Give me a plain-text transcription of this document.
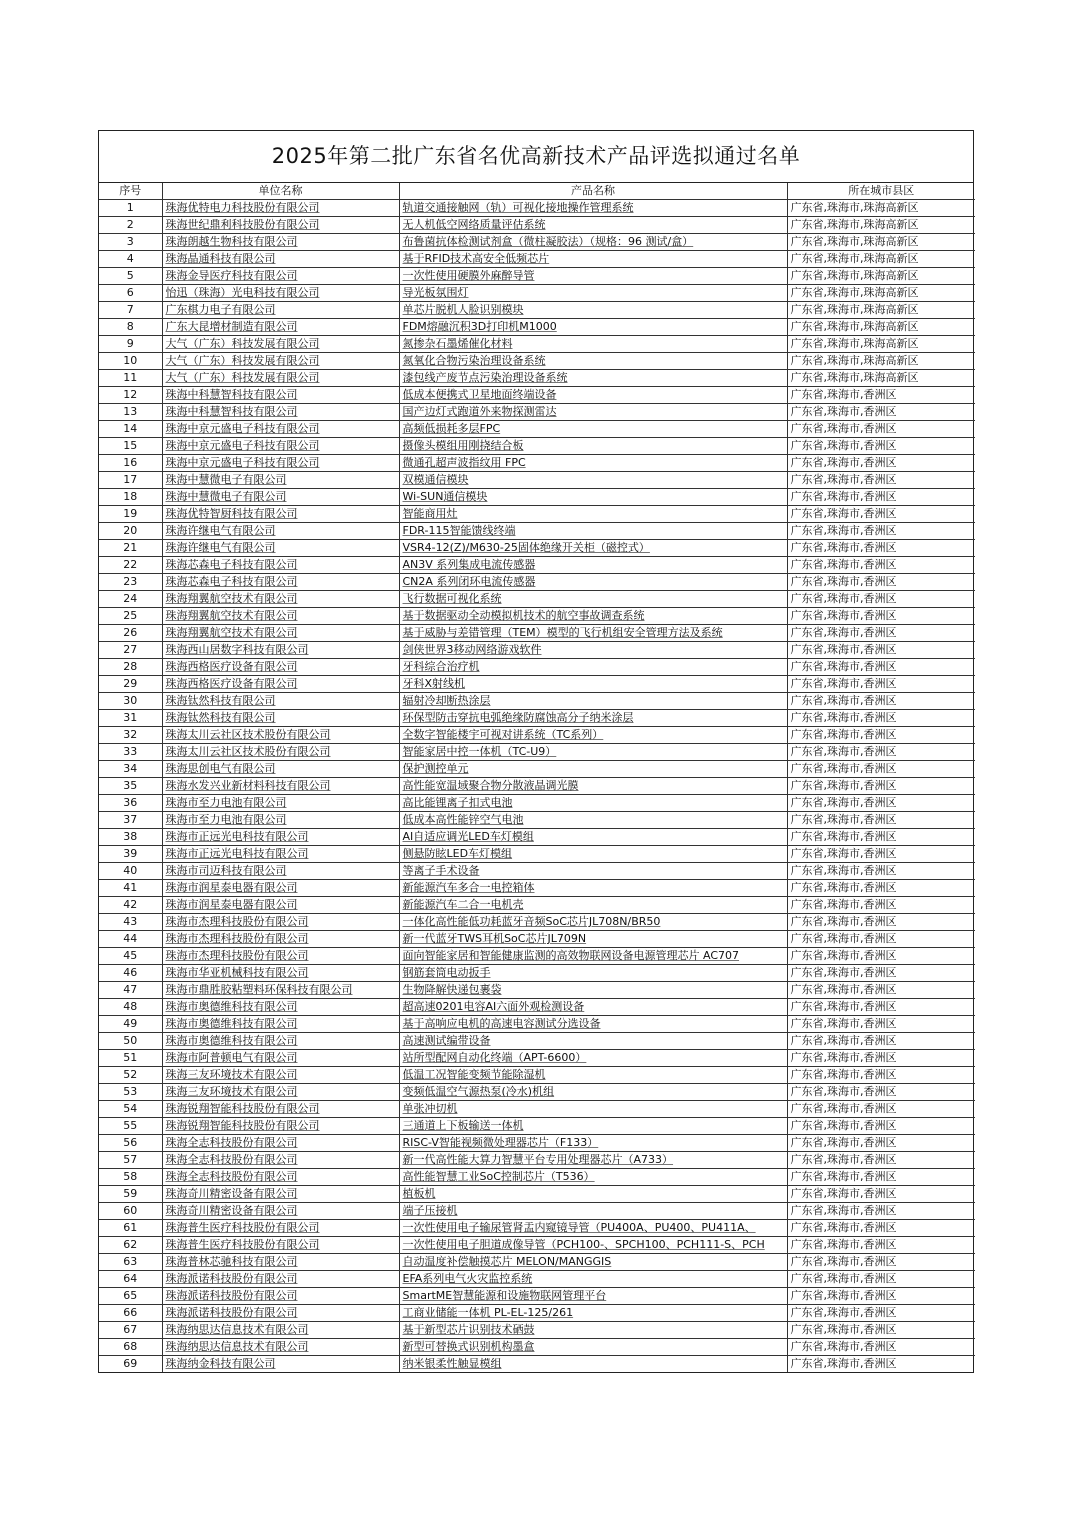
2025年第二批广东省名优高新技术产品评选拟通过名单
序号	单位名称	产品名称	所在城市县区
1	珠海优特电力科技股份有限公司	轨道交通接触网（轨）可视化接地操作管理系统	广东省,珠海市,珠海高新区
2	珠海世纪鼎利科技股份有限公司	无人机低空网络质量评估系统	广东省,珠海市,珠海高新区
3	珠海朗越生物科技有限公司	布鲁菌抗体检测试剂盒（微柱凝胶法）（规格：96 测试/盒）	广东省,珠海市,珠海高新区
4	珠海晶通科技有限公司	基于RFID技术高安全低频芯片	广东省,珠海市,珠海高新区
5	珠海金导医疗科技有限公司	一次性使用硬膜外麻醉导管	广东省,珠海市,珠海高新区
6	怡迅（珠海）光电科技有限公司	导光板氛围灯	广东省,珠海市,珠海高新区
7	广东棋力电子有限公司	单芯片脱机人脸识别模块	广东省,珠海市,珠海高新区
8	广东大昆增材制造有限公司	FDM熔融沉积3D打印机M1000	广东省,珠海市,珠海高新区
9	大气（广东）科技发展有限公司	氮掺杂石墨烯催化材料	广东省,珠海市,珠海高新区
10	大气（广东）科技发展有限公司	氮氧化合物污染治理设备系统	广东省,珠海市,珠海高新区
11	大气（广东）科技发展有限公司	漆包线产废节点污染治理设备系统	广东省,珠海市,珠海高新区
12	珠海中科慧智科技有限公司	低成本便携式卫星地面终端设备	广东省,珠海市,香洲区
13	珠海中科慧智科技有限公司	国产边灯式跑道外来物探测雷达	广东省,珠海市,香洲区
14	珠海中京元盛电子科技有限公司	高频低损耗多层FPC	广东省,珠海市,香洲区
15	珠海中京元盛电子科技有限公司	摄像头模组用刚挠结合板	广东省,珠海市,香洲区
16	珠海中京元盛电子科技有限公司	微通孔超声波指纹用 FPC	广东省,珠海市,香洲区
17	珠海中慧微电子有限公司	双模通信模块	广东省,珠海市,香洲区
18	珠海中慧微电子有限公司	Wi-SUN通信模块	广东省,珠海市,香洲区
19	珠海优特智厨科技有限公司	智能商用灶	广东省,珠海市,香洲区
20	珠海许继电气有限公司	FDR-115智能馈线终端	广东省,珠海市,香洲区
21	珠海许继电气有限公司	VSR4-12(Z)/M630-25固体绝缘开关柜（磁控式）	广东省,珠海市,香洲区
22	珠海芯森电子科技有限公司	AN3V 系列集成电流传感器	广东省,珠海市,香洲区
23	珠海芯森电子科技有限公司	CN2A 系列闭环电流传感器	广东省,珠海市,香洲区
24	珠海翔翼航空技术有限公司	飞行数据可视化系统	广东省,珠海市,香洲区
25	珠海翔翼航空技术有限公司	基于数据驱动全动模拟机技术的航空事故调查系统	广东省,珠海市,香洲区
26	珠海翔翼航空技术有限公司	基于威胁与差错管理（TEM）模型的飞行机组安全管理方法及系统	广东省,珠海市,香洲区
27	珠海西山居数字科技有限公司	剑侠世界3移动网络游戏软件	广东省,珠海市,香洲区
28	珠海西格医疗设备有限公司	牙科综合治疗机	广东省,珠海市,香洲区
29	珠海西格医疗设备有限公司	牙科X射线机	广东省,珠海市,香洲区
30	珠海钛然科技有限公司	辐射冷却断热涂层	广东省,珠海市,香洲区
31	珠海钛然科技有限公司	环保型防击穿抗电弧绝缘防腐蚀高分子纳米涂层	广东省,珠海市,香洲区
32	珠海太川云社区技术股份有限公司	全数字智能楼宇可视对讲系统（TC系列）	广东省,珠海市,香洲区
33	珠海太川云社区技术股份有限公司	智能家居中控一体机（TC-U9）	广东省,珠海市,香洲区
34	珠海思创电气有限公司	保护测控单元	广东省,珠海市,香洲区
35	珠海水发兴业新材料科技有限公司	高性能宽温域聚合物分散液晶调光膜	广东省,珠海市,香洲区
36	珠海市至力电池有限公司	高比能锂离子扣式电池	广东省,珠海市,香洲区
37	珠海市至力电池有限公司	低成本高性能锌空气电池	广东省,珠海市,香洲区
38	珠海市正远光电科技有限公司	AI自适应调光LED车灯模组	广东省,珠海市,香洲区
39	珠海市正远光电科技有限公司	侧悬防眩LED车灯模组	广东省,珠海市,香洲区
40	珠海市司迈科技有限公司	等离子手术设备	广东省,珠海市,香洲区
41	珠海市润星泰电器有限公司	新能源汽车多合一电控箱体	广东省,珠海市,香洲区
42	珠海市润星泰电器有限公司	新能源汽车二合一电机壳	广东省,珠海市,香洲区
43	珠海市杰理科技股份有限公司	一体化高性能低功耗蓝牙音频SoC芯片JL708N/BR50	广东省,珠海市,香洲区
44	珠海市杰理科技股份有限公司	新一代蓝牙TWS耳机SoC芯片JL709N	广东省,珠海市,香洲区
45	珠海市杰理科技股份有限公司	面向智能家居和智能健康监测的高效物联网设备电源管理芯片 AC707	广东省,珠海市,香洲区
46	珠海市华亚机械科技有限公司	钢筋套筒电动扳手	广东省,珠海市,香洲区
47	珠海市鼎胜胶粘塑料环保科技有限公司	生物降解快递包裹袋	广东省,珠海市,香洲区
48	珠海市奥德维科技有限公司	超高速0201电容AI六面外观检测设备	广东省,珠海市,香洲区
49	珠海市奥德维科技有限公司	基于高响应电机的高速电容测试分选设备	广东省,珠海市,香洲区
50	珠海市奥德维科技有限公司	高速测试编带设备	广东省,珠海市,香洲区
51	珠海市阿普顿电气有限公司	站所型配网自动化终端（APT-6600）	广东省,珠海市,香洲区
52	珠海三友环境技术有限公司	低温工况智能变频节能除湿机	广东省,珠海市,香洲区
53	珠海三友环境技术有限公司	变频低温空气源热泵(冷水)机组	广东省,珠海市,香洲区
54	珠海锐翔智能科技股份有限公司	单张冲切机	广东省,珠海市,香洲区
55	珠海锐翔智能科技股份有限公司	三通道上下板输送一体机	广东省,珠海市,香洲区
56	珠海全志科技股份有限公司	RISC-V智能视频微处理器芯片（F133）	广东省,珠海市,香洲区
57	珠海全志科技股份有限公司	新一代高性能大算力智慧平台专用处理器芯片（A733）	广东省,珠海市,香洲区
58	珠海全志科技股份有限公司	高性能智慧工业SoC控制芯片（T536）	广东省,珠海市,香洲区
59	珠海奇川精密设备有限公司	植板机	广东省,珠海市,香洲区
60	珠海奇川精密设备有限公司	端子压接机	广东省,珠海市,香洲区
61	珠海普生医疗科技股份有限公司	一次性使用电子输尿管肾盂内窥镜导管（PU400A、PU400、PU411A、	广东省,珠海市,香洲区
62	珠海普生医疗科技股份有限公司	一次性使用电子胆道成像导管（PCH100-、SPCH100、PCH111-S、PCH	广东省,珠海市,香洲区
63	珠海普林芯驰科技有限公司	自动温度补偿触摸芯片 MELON/MANGGIS	广东省,珠海市,香洲区
64	珠海派诺科技股份有限公司	EFA系列电气火灾监控系统	广东省,珠海市,香洲区
65	珠海派诺科技股份有限公司	SmartME智慧能源和设施物联网管理平台	广东省,珠海市,香洲区
66	珠海派诺科技股份有限公司	工商业储能一体机 PL-EL-125/261	广东省,珠海市,香洲区
67	珠海纳思达信息技术有限公司	基于新型芯片识别技术硒鼓	广东省,珠海市,香洲区
68	珠海纳思达信息技术有限公司	新型可替换式识别机构墨盒	广东省,珠海市,香洲区
69	珠海纳金科技有限公司	纳米银柔性触显模组	广东省,珠海市,香洲区
